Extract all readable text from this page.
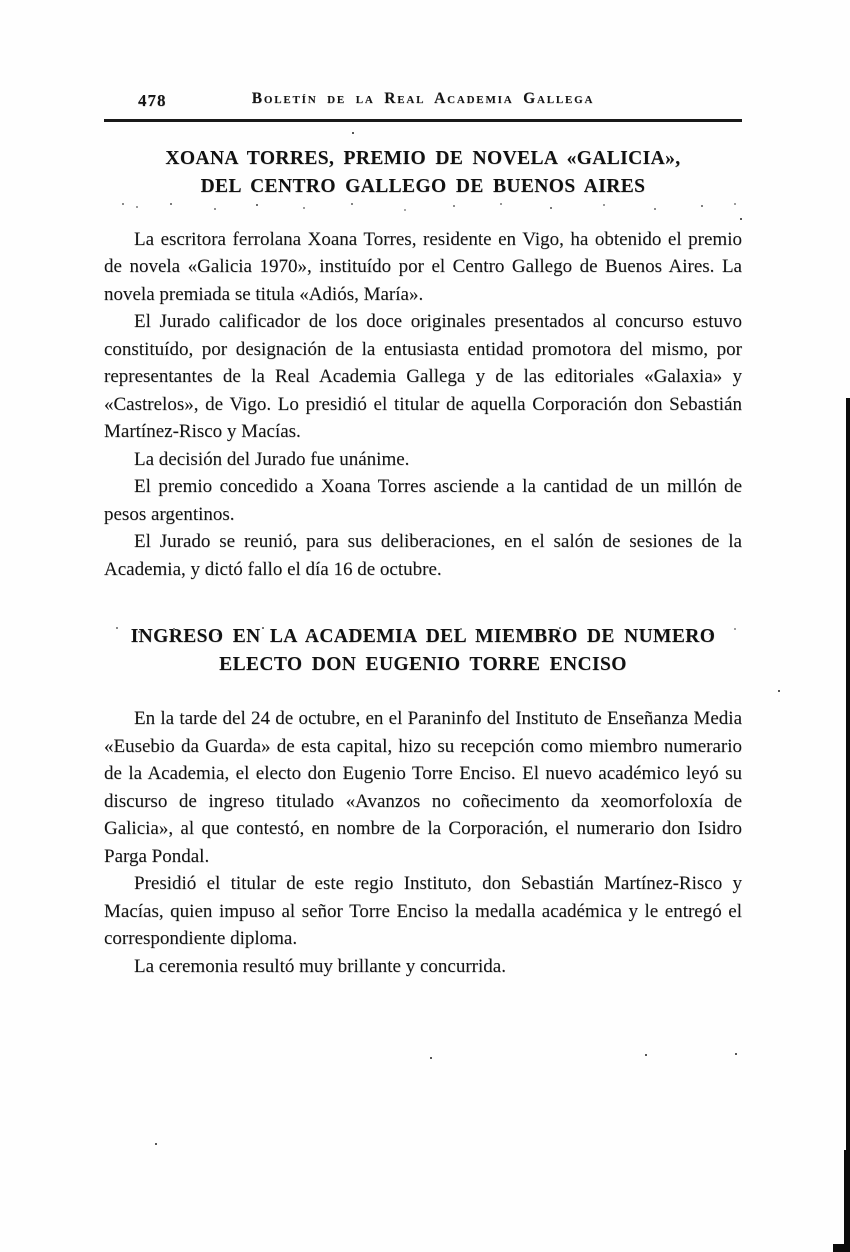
478	Boletín de la Real Academia Gallega
XOANA TORRES, PREMIO DE NOVELA «GALICIA»,
DEL CENTRO GALLEGO DE BUENOS AIRES

La escritora ferrolana Xoana Torres, residente en Vigo, ha obtenido el premio de novela «Galicia 1970», instituído por el Centro Gallego de Buenos Aires. La novela premiada se titula «Adiós, María».

El Jurado calificador de los doce originales presentados al concurso estuvo constituído, por designación de la entusiasta entidad promotora del mismo, por representantes de la Real Academia Gallega y de las editoriales «Galaxia» y «Castrelos», de Vigo. Lo presidió el titular de aquella Corporación don Sebastián Martínez-Risco y Macías.

La decisión del Jurado fue unánime.

El premio concedido a Xoana Torres asciende a la cantidad de un millón de pesos argentinos.

El Jurado se reunió, para sus deliberaciones, en el salón de sesiones de la Academia, y dictó fallo el día 16 de octubre.

INGRESO EN LA ACADEMIA DEL MIEMBRO DE NUMERO
ELECTO DON EUGENIO TORRE ENCISO

En la tarde del 24 de octubre, en el Paraninfo del Instituto de Enseñanza Media «Eusebio da Guarda» de esta capital, hizo su recepción como miembro numerario de la Academia, el electo don Eugenio Torre Enciso. El nuevo académico leyó su discurso de ingreso titulado «Avanzos no coñecimento da xeomorfoloxía de Galicia», al que contestó, en nombre de la Corporación, el numerario don Isidro Parga Pondal.

Presidió el titular de este regio Instituto, don Sebastián Martínez-Risco y Macías, quien impuso al señor Torre Enciso la medalla académica y le entregó el correspondiente diploma.

La ceremonia resultó muy brillante y concurrida.
